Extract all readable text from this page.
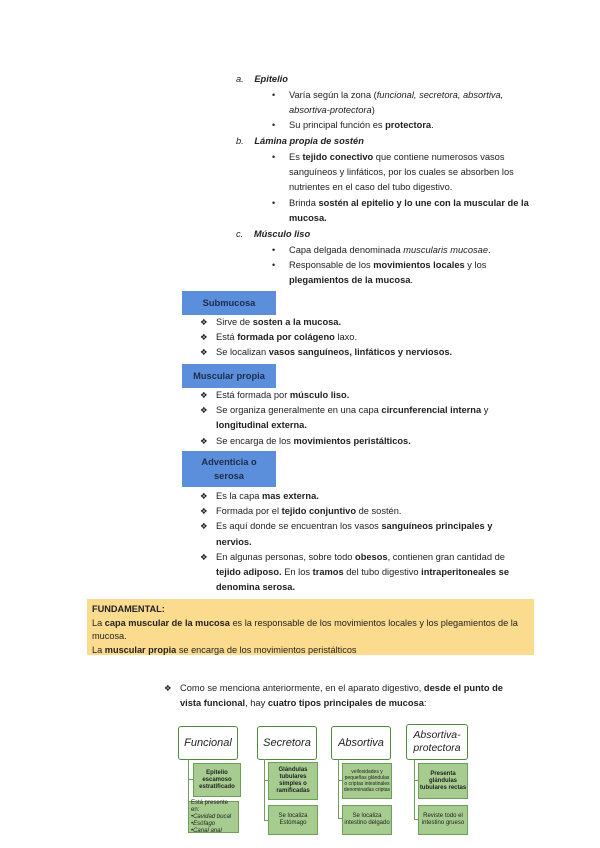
a. Epitelio
• Varía según la zona (funcional, secretora, absortiva, absortiva-protectora)
• Su principal función es protectora.
b. Lámina propia de sostén
• Es tejido conectivo que contiene numerosos vasos sanguíneos y linfáticos, por los cuales se absorben los nutrientes en el caso del tubo digestivo.
• Brinda sostén al epitelio y lo une con la muscular de la mucosa.
c. Músculo liso
• Capa delgada denominada muscularis mucosae.
• Responsable de los movimientos locales y los plegamientos de la mucosa.
Submucosa
❖ Sirve de sosten a la mucosa.
❖ Está formada por colágeno laxo.
❖ Se localizan vasos sanguíneos, linfáticos y nerviosos.
Muscular propia
❖ Está formada por músculo liso.
❖ Se organiza generalmente en una capa circunferencial interna y longitudinal externa.
❖ Se encarga de los movimientos peristálticos.
Adventicia o serosa
❖ Es la capa mas externa.
❖ Formada por el tejido conjuntivo de sostén.
❖ Es aquí donde se encuentran los vasos sanguíneos principales y nervios.
❖ En algunas personas, sobre todo obesos, contienen gran cantidad de tejido adiposo. En los tramos del tubo digestivo intraperitoneales se denomina serosa.
FUNDAMENTAL:
La capa muscular de la mucosa es la responsable de los movimientos locales y los plegamientos de la mucosa.
La muscular propia se encarga de los movimientos peristálticos
❖ Como se menciona anteriormente, en el aparato digestivo, desde el punto de vista funcional, hay cuatro tipos principales de mucosa:
Funcional
Epitelio escamoso estratificado
Está presente en:
•Cavidad bucal
•Esófago
•Canal anal
Secretora
Glándulas tubulares simples o ramificadas
Se localiza Estómago
Absortiva
vellosidades y pequeñas glándulas o criptas intestinales denominadas criptas
Se localiza intestino delgado
Absortiva-protectora
Presenta glándulas tubulares rectas
Reviste todo el intestino grueso
